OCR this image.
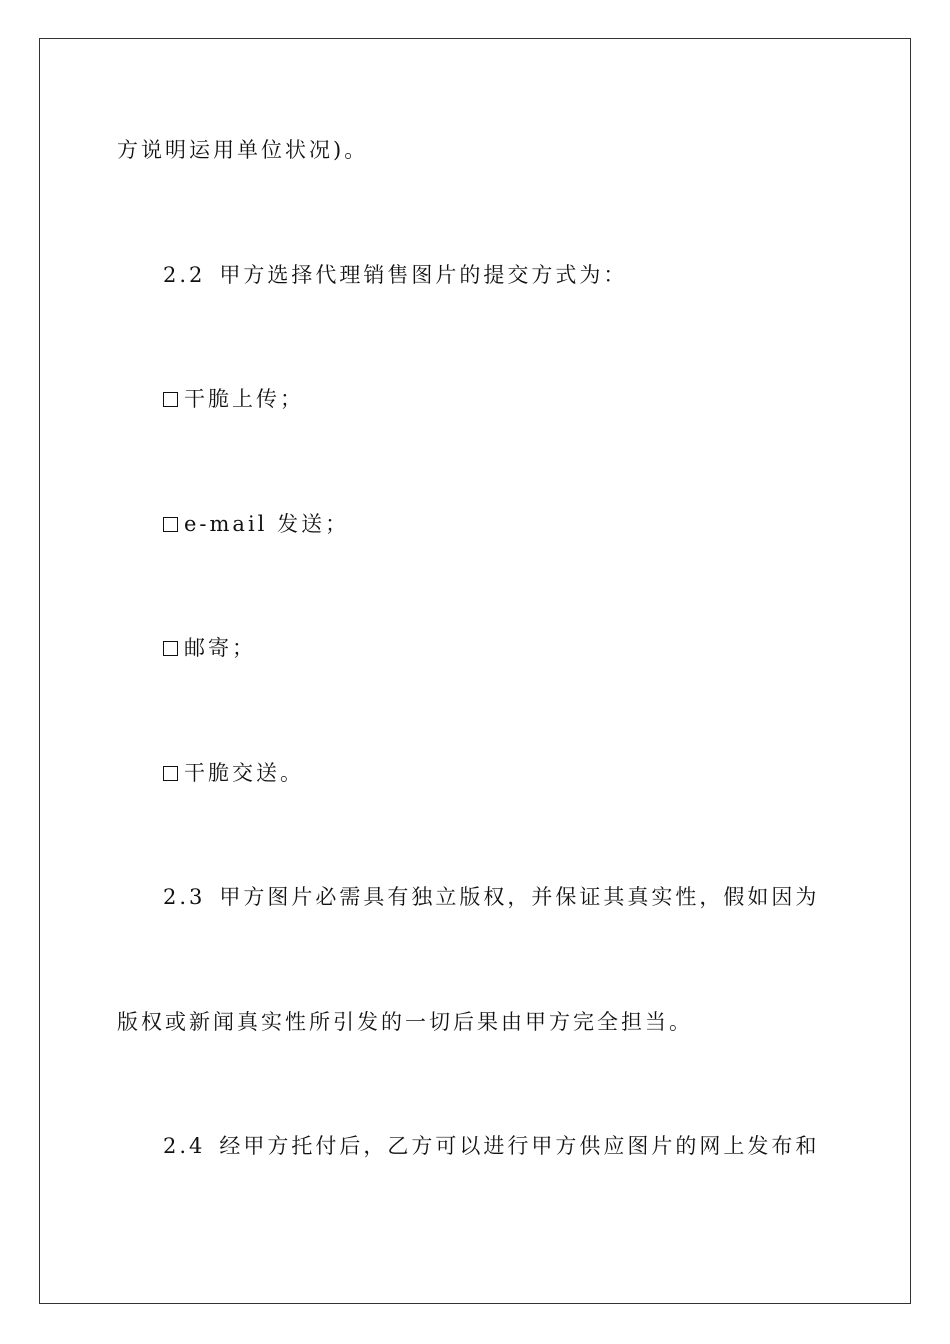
方说明运用单位状况)。
2.2 甲方选择代理销售图片的提交方式为：
干脆上传；
e-mail 发送；
邮寄；
干脆交送。
2.3 甲方图片必需具有独立版权，并保证其真实性，假如因为
版权或新闻真实性所引发的一切后果由甲方完全担当。
2.4 经甲方托付后，乙方可以进行甲方供应图片的网上发布和
